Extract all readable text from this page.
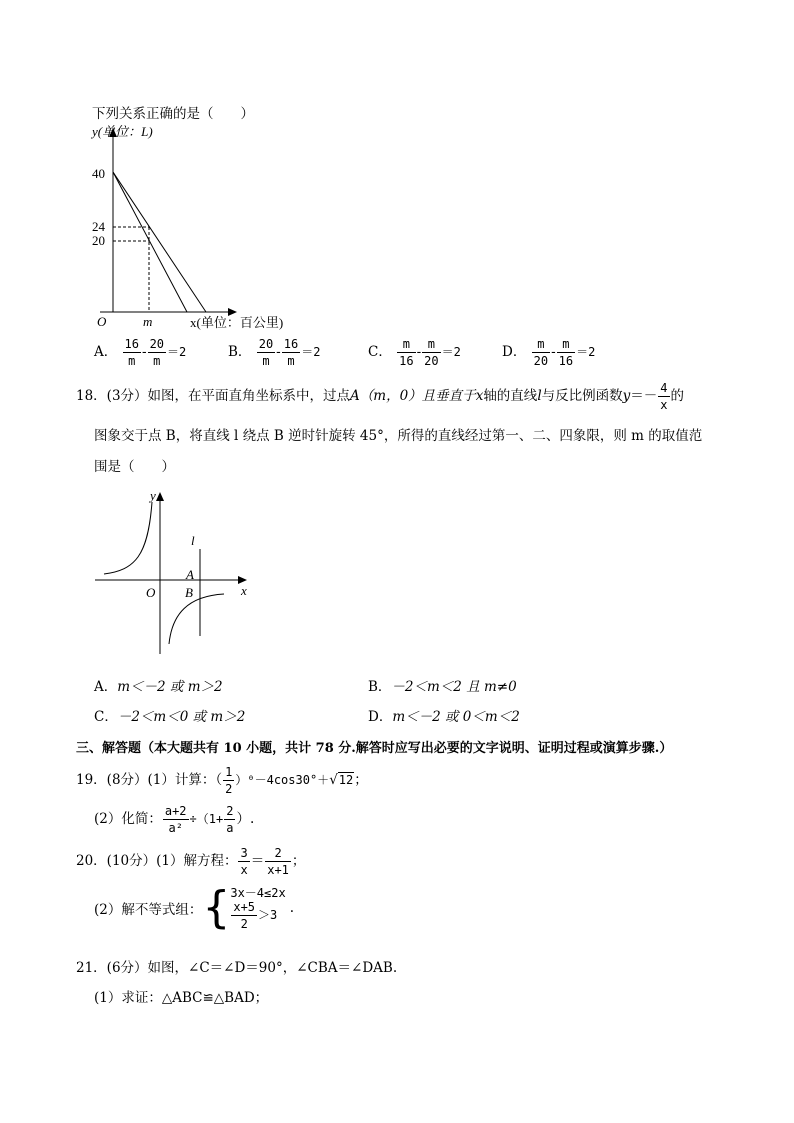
下列关系正确的是（　　）
y(单位：L)
40
24
20
O	m	x(单位：百公里)
A． $\frac{16}{m} - \frac{20}{m} =2$	B． $\frac{20}{m} - \frac{16}{m} =2$	C． $\frac{m}{16} - \frac{m}{20} =2$	D． $\frac{m}{20} - \frac{m}{16} =2$
18．(3分）如图，在平面直角坐标系中，过点A（m，0）且垂直于x轴的直线l与反比例函数$y=- \frac{4}{x}$ 的
图象交于点 B，将直线 l 绕点 B 逆时针旋转 45°，所得的直线经过第一、二、四象限，则 m 的取值范
围是（　　）
y
x
O
l
A
B
A．m＜－2 或 m＞2	B．－2＜m＜2 且 m≠0
C．－2＜m＜0 或 m＞2	D．m＜－2 或 0＜m＜2
三、解答题（本大题共有 10 小题，共计 78 分.解答时应写出必要的文字说明、证明过程或演算步骤.）
19．(8分）(1）计算：（ $\frac{1}{2} )^0-4\cos 30^\circ+√12$；
(2）化简： $\frac{a+2}{\text{a²}} \div(1+ \frac{2}{a}$ ）.
20．(10分）(1）解方程： $\frac{3}{x} = \frac{2}{x+1}$ ；
(2）解不等式组：{ 3x－4≤2x
$\frac{x+5}{2} >3$ .
21．(6分）如图，∠C＝∠D＝90°，∠CBA＝∠DAB.
(1）求证：△ABC≌△BAD；
